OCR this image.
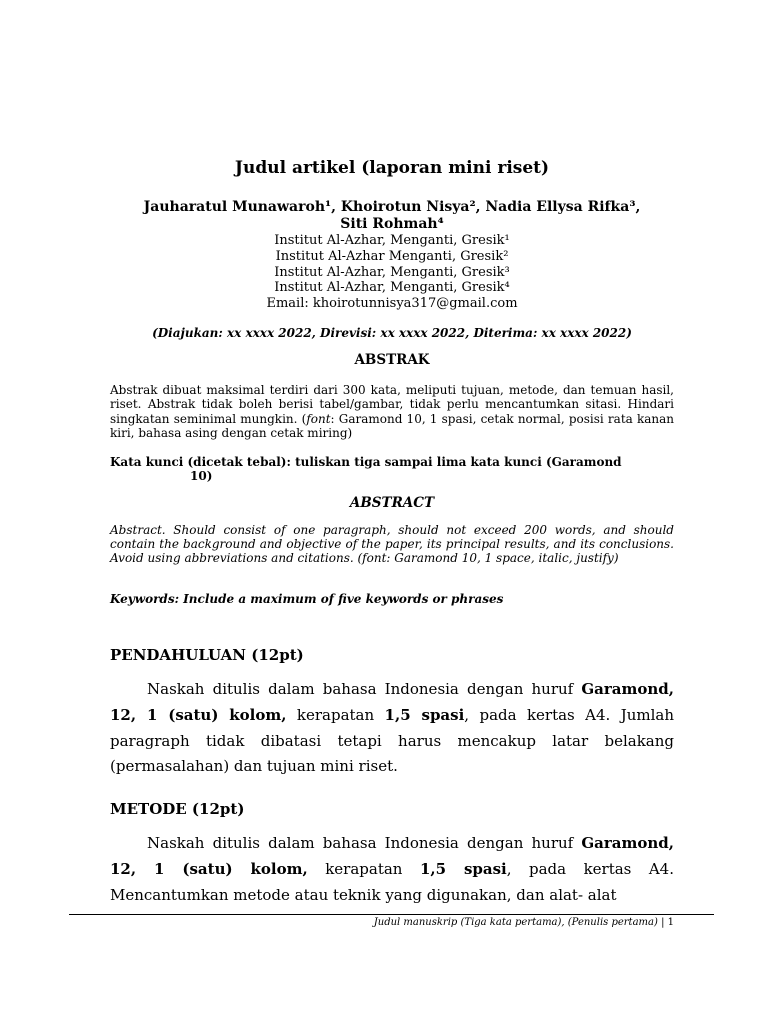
Judul artikel (laporan mini riset)
Jauharatul Munawaroh¹, Khoirotun Nisya², Nadia Ellysa Rifka³,
Siti Rohmah⁴
Institut Al-Azhar, Menganti, Gresik¹
Institut Al-Azhar Menganti, Gresik²
Institut Al-Azhar, Menganti, Gresik³
Institut Al-Azhar, Menganti, Gresik⁴
Email: khoirotunnisya317@gmail.com
(Diajukan: xx xxxx 2022, Direvisi: xx xxxx 2022, Diterima: xx xxxx 2022)
ABSTRAK
Abstrak dibuat maksimal terdiri dari 300 kata, meliputi tujuan, metode, dan temuan hasil, riset. Abstrak tidak boleh berisi tabel/gambar, tidak perlu mencantumkan sitasi. Hindari singkatan seminimal mungkin. (font: Garamond 10, 1 spasi, cetak normal, posisi rata kanan kiri, bahasa asing dengan cetak miring)
Kata kunci (dicetak tebal): tuliskan tiga sampai lima kata kunci (Garamond
10)
ABSTRACT
Abstract. Should consist of one paragraph, should not exceed 200 words, and should contain the background and objective of the paper, its principal results, and its conclusions. Avoid using abbreviations and citations. (font: Garamond 10, 1 space, italic, justify)
Keywords: Include a maximum of five keywords or phrases
PENDAHULUAN (12pt)
Naskah ditulis dalam bahasa Indonesia dengan huruf Garamond, 12, 1 (satu) kolom, kerapatan 1,5 spasi, pada kertas A4. Jumlah paragraph tidak dibatasi tetapi harus mencakup latar belakang (permasalahan) dan tujuan mini riset.
METODE (12pt)
Naskah ditulis dalam bahasa Indonesia dengan huruf Garamond, 12, 1 (satu) kolom, kerapatan 1,5 spasi, pada kertas A4. Mencantumkan metode atau teknik yang digunakan, dan alat- alat
Judul manuskrip (Tiga kata pertama), (Penulis pertama) | 1
